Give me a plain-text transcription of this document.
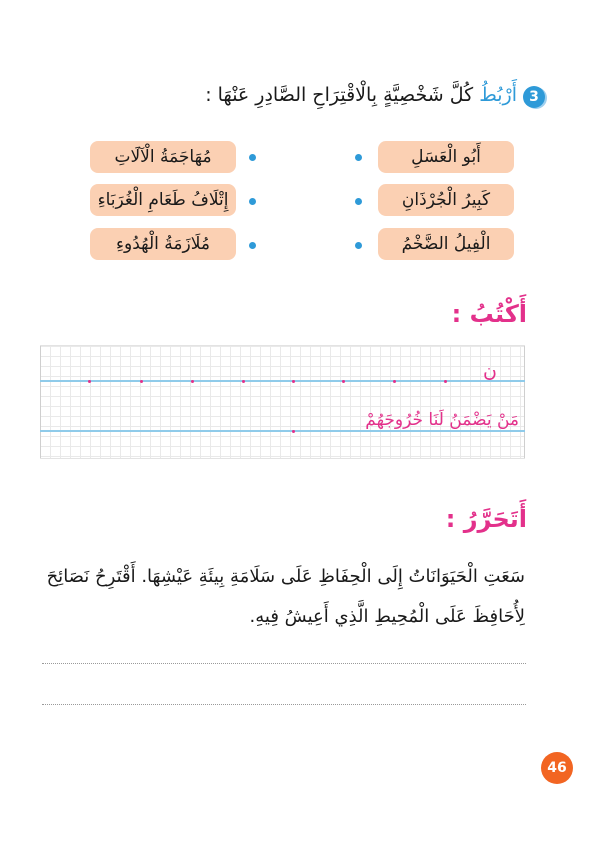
3
أَرْبُطُ كُلَّ شَخْصِيَّةٍ بِالْاقْتِرَاحِ الصَّادِرِ عَنْهَا :
أَبُو الْعَسَلِ
كَبِيرُ الْجُرْذَانِ
الْفِيلُ الضَّخْمُ
مُهَاجَمَةُ الْآلَاتِ
إِتْلَافُ طَعَامِ الْغُرَبَاءِ
مُلَازَمَةُ الْهُدُوءِ
أَكْتُبُ :
ن
مَنْ يَضْمَنُ لَنَا خُرُوجَهُمْ
أَتَحَرَّرُ :
سَعَتِ الْحَيَوَانَاتُ إِلَى الْحِفَاظِ عَلَى سَلَامَةِ بِيئَةِ عَيْشِهَا. أَقْتَرِحُ نَصَائِحَ
لِأُحَافِظَ عَلَى الْمُحِيطِ الَّذِي أَعِيشُ فِيهِ.
46
